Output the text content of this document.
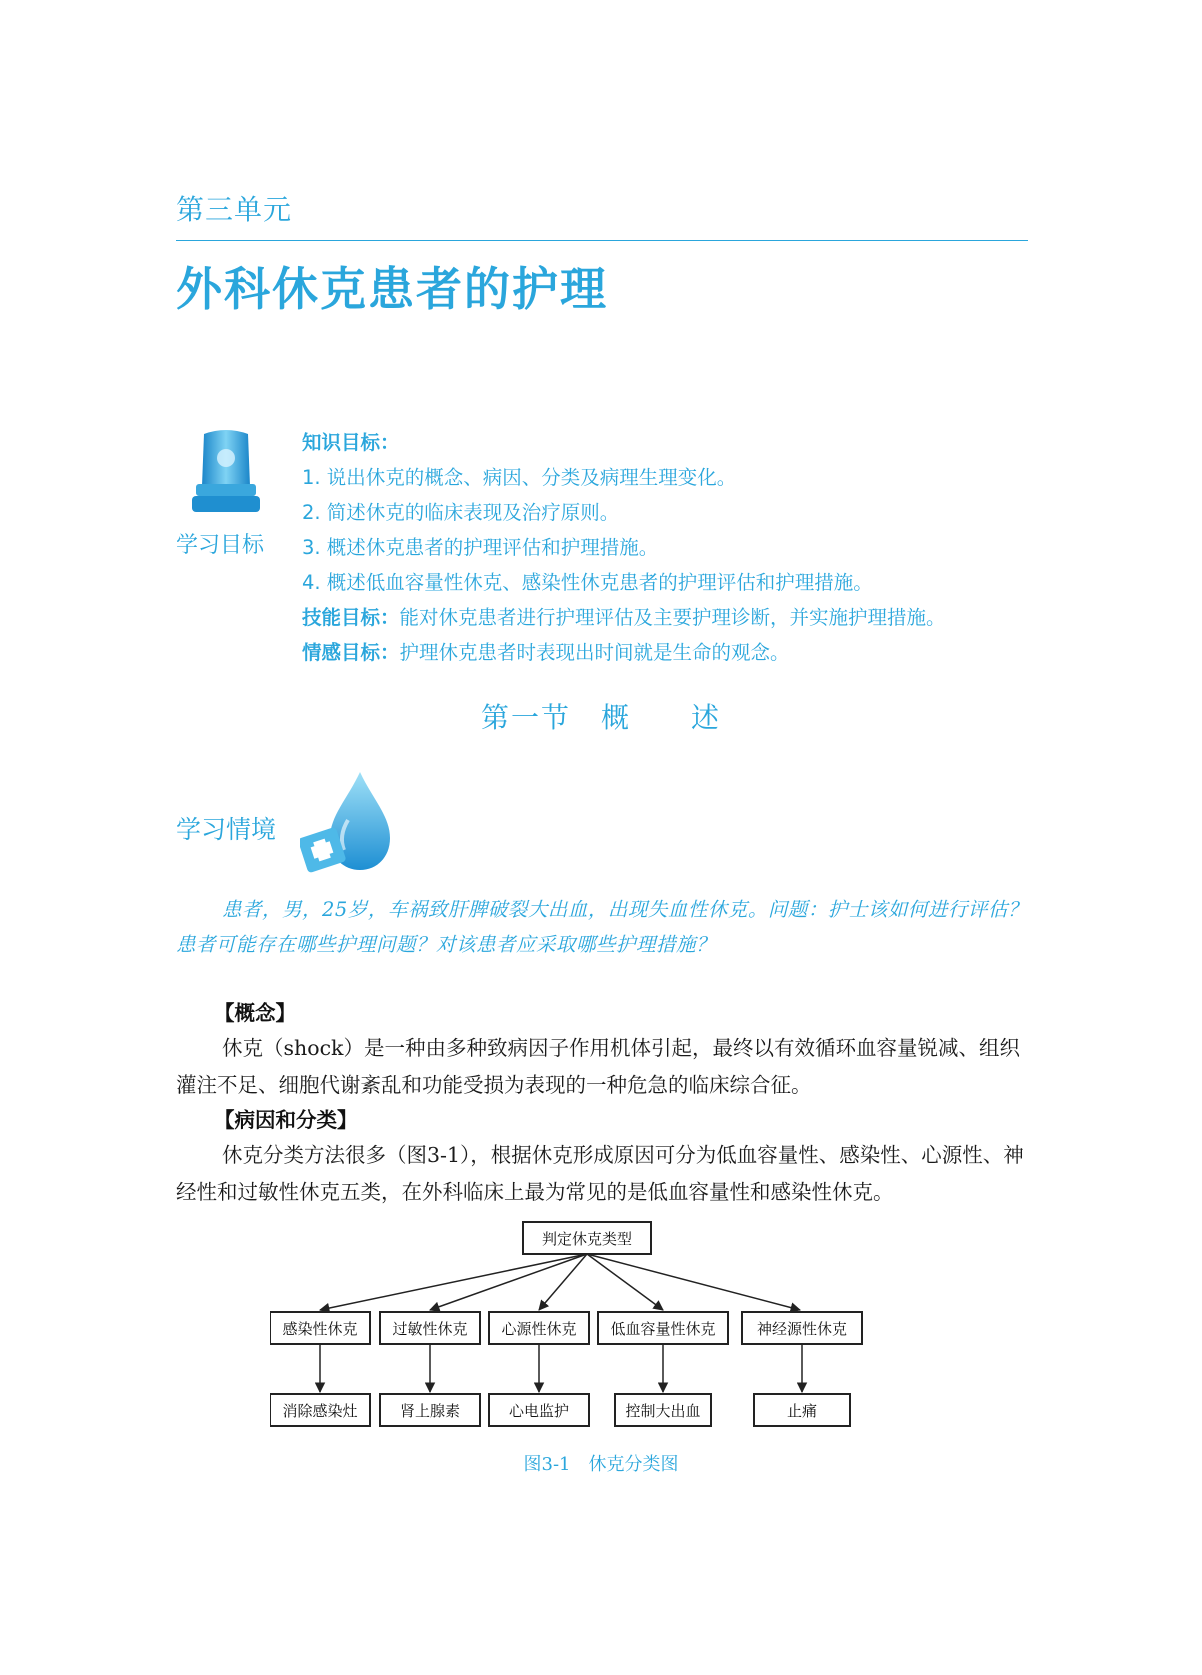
第三单元
外科休克患者的护理
学习目标
知识目标：
1. 说出休克的概念、病因、分类及病理生理变化。
2. 简述休克的临床表现及治疗原则。
3. 概述休克患者的护理评估和护理措施。
4. 概述低血容量性休克、感染性休克患者的护理评估和护理措施。
技能目标：能对休克患者进行护理评估及主要护理诊断，并实施护理措施。
情感目标：护理休克患者时表现出时间就是生命的观念。
第一节　概　　述
学习情境
患者，男，25岁，车祸致肝脾破裂大出血，出现失血性休克。问题：护士该如何进行评估？患者可能存在哪些护理问题？对该患者应采取哪些护理措施？
【概念】
休克（shock）是一种由多种致病因子作用机体引起，最终以有效循环血容量锐减、组织灌注不足、细胞代谢紊乱和功能受损为表现的一种危急的临床综合征。
【病因和分类】
休克分类方法很多（图3-1），根据休克形成原因可分为低血容量性、感染性、心源性、神经性和过敏性休克五类，在外科临床上最为常见的是低血容量性和感染性休克。
判定休克类型
感染性休克 过敏性休克 心源性休克 低血容量性休克	神经源性休克
消除感染灶	肾上腺素	心电监护	控制大出血	止痛
图3-1　休克分类图
